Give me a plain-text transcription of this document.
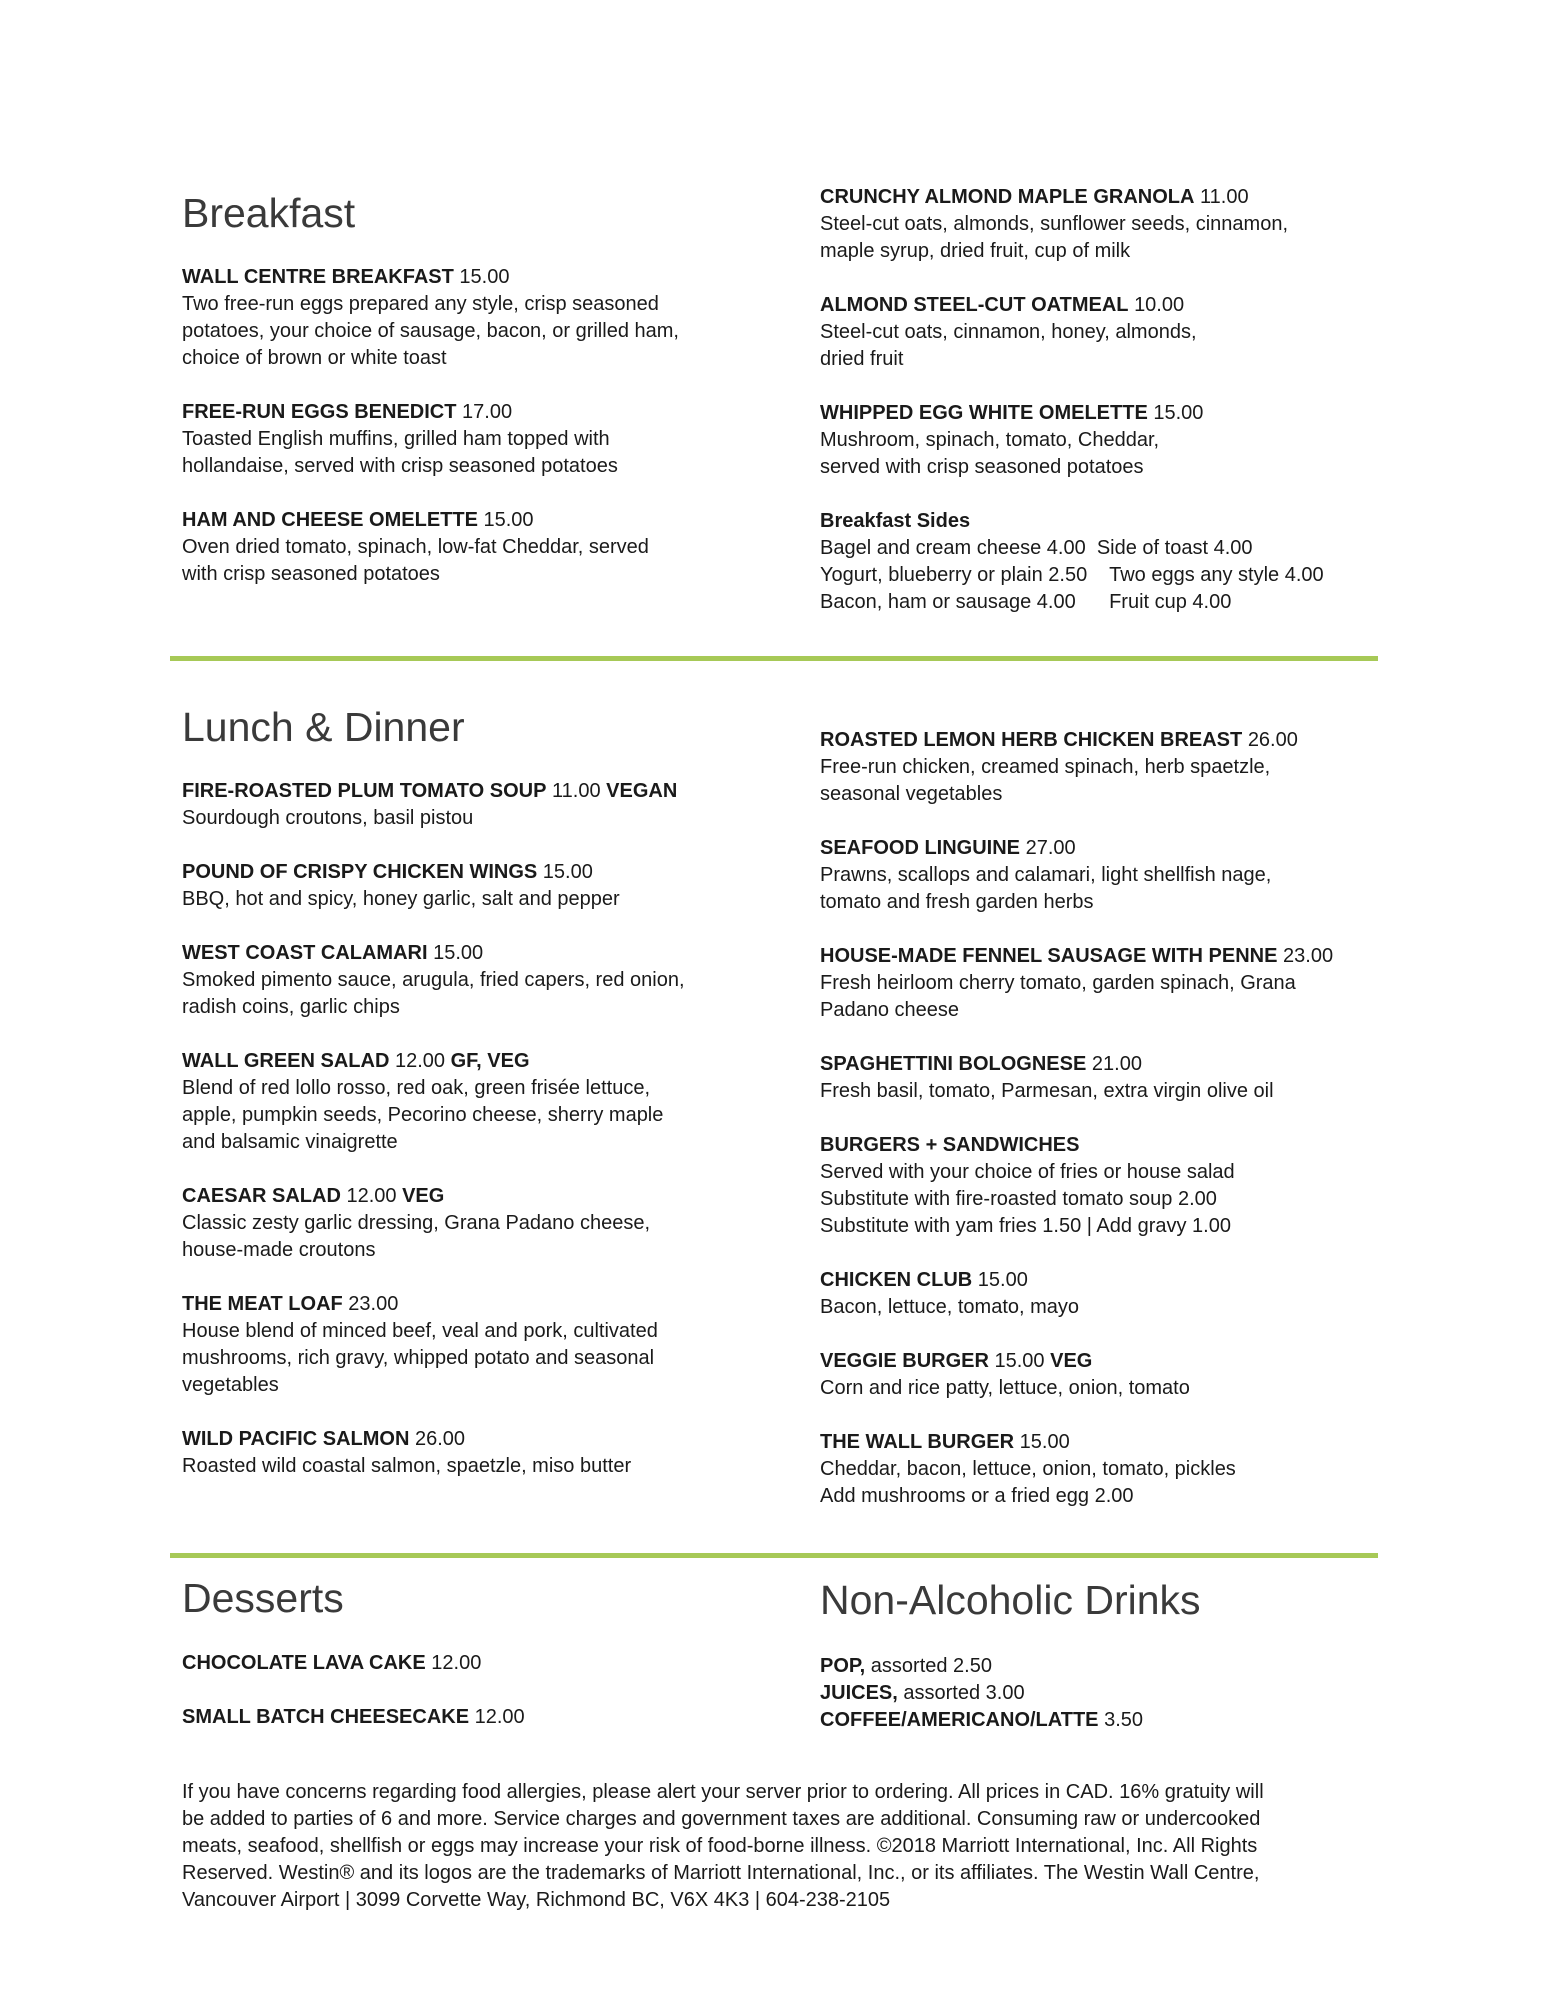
Breakfast

WALL CENTRE BREAKFAST 15.00

Two free-run eggs prepared any style, crisp seasoned

potatoes, your choice of sausage, bacon, or grilled ham,

choice of brown or white toast

FREE-RUN EGGS BENEDICT 17.00

Toasted English muffins, grilled ham topped with

hollandaise, served with crisp seasoned potatoes

HAM AND CHEESE OMELETTE 15.00

Oven dried tomato, spinach, low-fat Cheddar, served

with crisp seasoned potatoes

CRUNCHY ALMOND MAPLE GRANOLA 11.00

Steel-cut oats, almonds, sunflower seeds, cinnamon,

maple syrup, dried fruit, cup of milk

ALMOND STEEL-CUT OATMEAL 10.00

Steel-cut oats, cinnamon, honey, almonds,

dried fruit

WHIPPED EGG WHITE OMELETTE 15.00

Mushroom, spinach, tomato, Cheddar,

served with crisp seasoned potatoes

Breakfast Sides

Bagel and cream cheese 4.00  Side of toast 4.00

Yogurt, blueberry or plain 2.50    Two eggs any style 4.00

Bacon, ham or sausage 4.00      Fruit cup 4.00

Lunch & Dinner

FIRE-ROASTED PLUM TOMATO SOUP 11.00 VEGAN

Sourdough croutons, basil pistou

POUND OF CRISPY CHICKEN WINGS 15.00

BBQ, hot and spicy, honey garlic, salt and pepper

WEST COAST CALAMARI 15.00

Smoked pimento sauce, arugula, fried capers, red onion,

radish coins, garlic chips

WALL GREEN SALAD 12.00 GF, VEG

Blend of red lollo rosso, red oak, green frisée lettuce,

apple, pumpkin seeds, Pecorino cheese, sherry maple

and balsamic vinaigrette

CAESAR SALAD 12.00 VEG

Classic zesty garlic dressing, Grana Padano cheese,

house-made croutons

THE MEAT LOAF 23.00

House blend of minced beef, veal and pork, cultivated

mushrooms, rich gravy, whipped potato and seasonal

vegetables

WILD PACIFIC SALMON 26.00

Roasted wild coastal salmon, spaetzle, miso butter

ROASTED LEMON HERB CHICKEN BREAST 26.00

Free-run chicken, creamed spinach, herb spaetzle,

seasonal vegetables

SEAFOOD LINGUINE 27.00

Prawns, scallops and calamari, light shellfish nage,

tomato and fresh garden herbs

HOUSE-MADE FENNEL SAUSAGE WITH PENNE 23.00

Fresh heirloom cherry tomato, garden spinach, Grana

Padano cheese

SPAGHETTINI BOLOGNESE 21.00

Fresh basil, tomato, Parmesan, extra virgin olive oil

BURGERS + SANDWICHES

Served with your choice of fries or house salad

Substitute with fire-roasted tomato soup 2.00

Substitute with yam fries 1.50 | Add gravy 1.00

CHICKEN CLUB 15.00

Bacon, lettuce, tomato, mayo

VEGGIE BURGER 15.00 VEG

Corn and rice patty, lettuce, onion, tomato

THE WALL BURGER 15.00

Cheddar, bacon, lettuce, onion, tomato, pickles

Add mushrooms or a fried egg 2.00

Desserts

CHOCOLATE LAVA CAKE 12.00

SMALL BATCH CHEESECAKE 12.00

Non-Alcoholic Drinks

POP, assorted 2.50

JUICES, assorted 3.00

COFFEE/AMERICANO/LATTE 3.50

If you have concerns regarding food allergies, please alert your server prior to ordering. All prices in CAD. 16% gratuity will
be added to parties of 6 and more. Service charges and government taxes are additional. Consuming raw or undercooked
meats, seafood, shellfish or eggs may increase your risk of food-borne illness. ©2018 Marriott International, Inc. All Rights
Reserved. Westin® and its logos are the trademarks of Marriott International, Inc., or its affiliates. The Westin Wall Centre,
Vancouver Airport | 3099 Corvette Way, Richmond BC, V6X 4K3 | 604-238-2105
